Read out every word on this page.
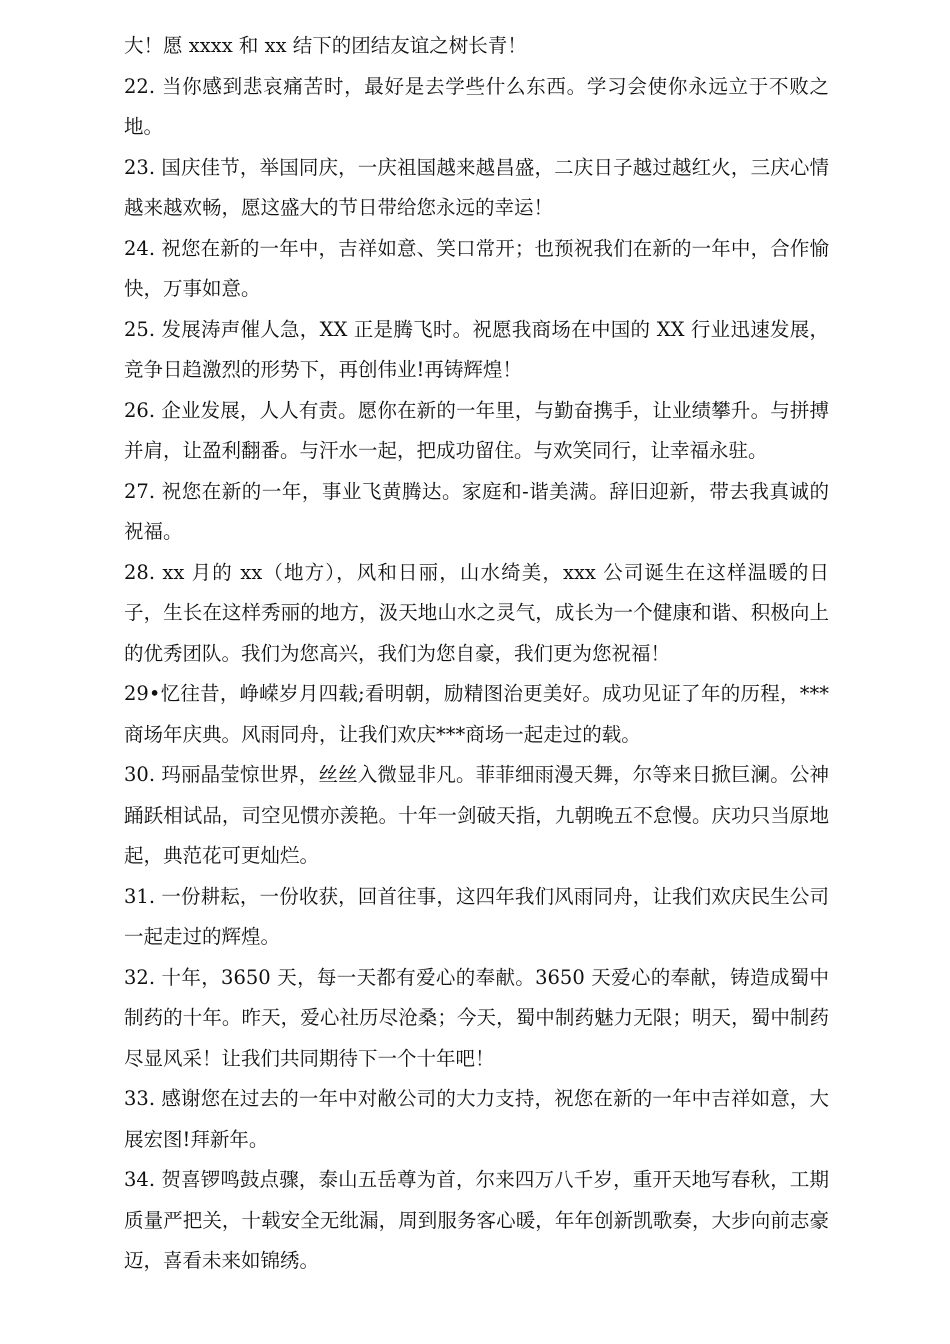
大！愿 xxxx 和 xx 结下的团结友谊之树长青！

22. 当你感到悲哀痛苦时，最好是去学些什么东西。学习会使你永远立于不败之地。

23. 国庆佳节，举国同庆，一庆祖国越来越昌盛，二庆日子越过越红火，三庆心情越来越欢畅，愿这盛大的节日带给您永远的幸运！

24. 祝您在新的一年中，吉祥如意、笑口常开；也预祝我们在新的一年中，合作愉快，万事如意。

25. 发展涛声催人急，XX 正是腾飞时。祝愿我商场在中国的 XX 行业迅速发展，竞争日趋激烈的形势下，再创伟业!再铸辉煌！

26. 企业发展，人人有责。愿你在新的一年里，与勤奋携手，让业绩攀升。与拼搏并肩，让盈利翻番。与汗水一起，把成功留住。与欢笑同行，让幸福永驻。

27. 祝您在新的一年，事业飞黄腾达。家庭和-谐美满。辞旧迎新，带去我真诚的祝福。

28. xx 月的 xx（地方），风和日丽，山水绮美，xxx 公司诞生在这样温暖的日子，生长在这样秀丽的地方，汲天地山水之灵气，成长为一个健康和谐、积极向上的优秀团队。我们为您高兴，我们为您自豪，我们更为您祝福！

29•忆往昔，峥嵘岁月四载;看明朝，励精图治更美好。成功见证了年的历程，***商场年庆典。风雨同舟，让我们欢庆***商场一起走过的载。

30. 玛丽晶莹惊世界，丝丝入微显非凡。菲菲细雨漫天舞，尔等来日掀巨澜。公神踊跃相试品，司空见惯亦羡艳。十年一剑破天指，九朝晚五不怠慢。庆功只当原地起，典范花可更灿烂。

31. 一份耕耘，一份收获，回首往事，这四年我们风雨同舟，让我们欢庆民生公司一起走过的辉煌。

32. 十年，3650 天，每一天都有爱心的奉献。3650 天爱心的奉献，铸造成蜀中制药的十年。昨天，爱心社历尽沧桑；今天，蜀中制药魅力无限；明天，蜀中制药尽显风采！让我们共同期待下一个十年吧！

33. 感谢您在过去的一年中对敝公司的大力支持，祝您在新的一年中吉祥如意，大展宏图!拜新年。

34. 贺喜锣鸣鼓点骤，泰山五岳尊为首，尔来四万八千岁，重开天地写春秋，工期质量严把关，十载安全无纰漏，周到服务客心暖，年年创新凯歌奏，大步向前志豪迈，喜看未来如锦绣。
